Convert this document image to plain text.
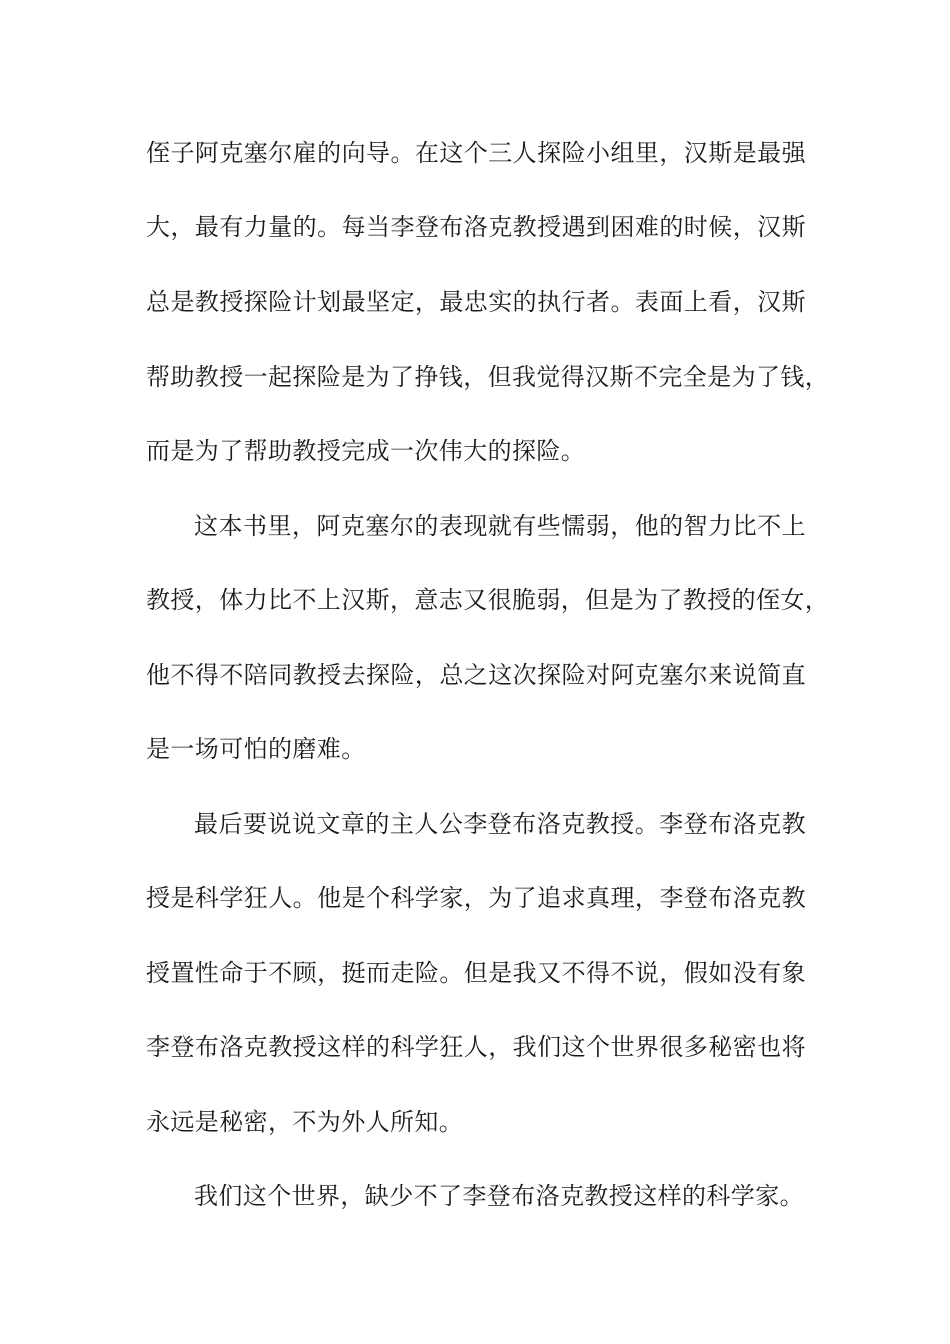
侄子阿克塞尔雇的向导。在这个三人探险小组里，汉斯是最强
大，最有力量的。每当李登布洛克教授遇到困难的时候，汉斯
总是教授探险计划最坚定，最忠实的执行者。表面上看，汉斯
帮助教授一起探险是为了挣钱，但我觉得汉斯不完全是为了钱，
而是为了帮助教授完成一次伟大的探险。
这本书里，阿克塞尔的表现就有些懦弱，他的智力比不上
教授，体力比不上汉斯，意志又很脆弱，但是为了教授的侄女，
他不得不陪同教授去探险，总之这次探险对阿克塞尔来说简直
是一场可怕的磨难。
最后要说说文章的主人公李登布洛克教授。李登布洛克教
授是科学狂人。他是个科学家，为了追求真理，李登布洛克教
授置性命于不顾，挺而走险。但是我又不得不说，假如没有象
李登布洛克教授这样的科学狂人，我们这个世界很多秘密也将
永远是秘密，不为外人所知。
我们这个世界，缺少不了李登布洛克教授这样的科学家。
